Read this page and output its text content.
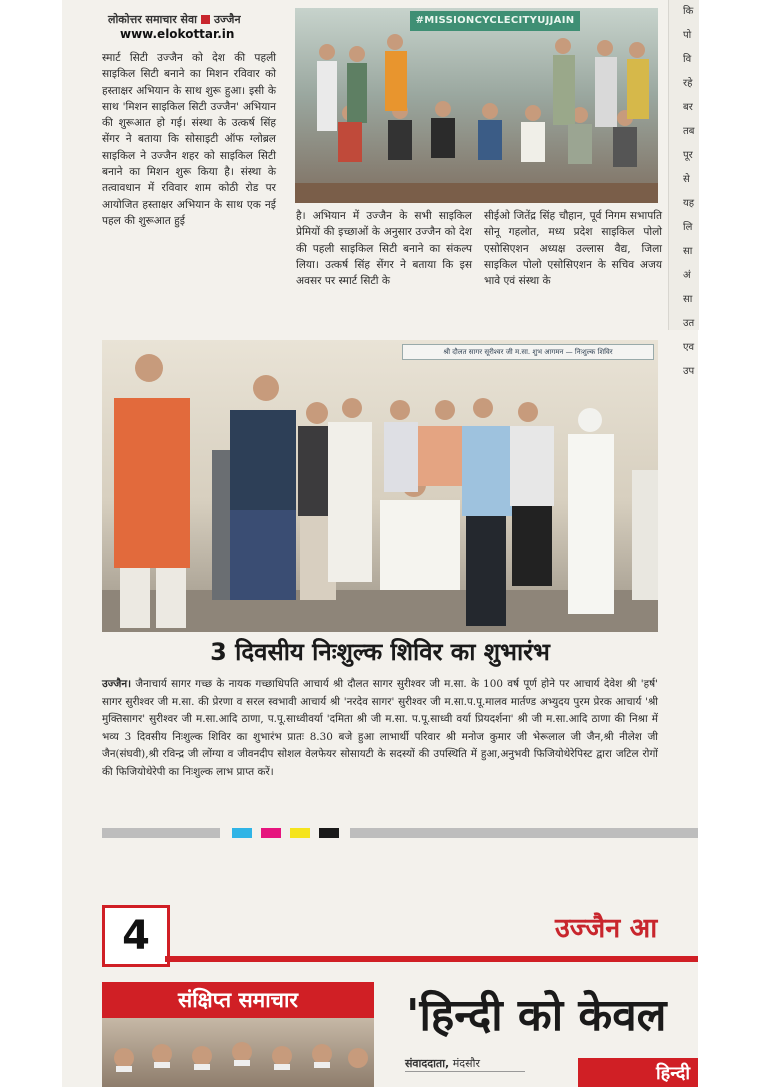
कि
पो
वि
रहे
बर
तब
पूर
से
यह
लि
सा
अं
सा
उत
एव
उप
लोकोत्तर समाचार सेवा उज्जैन
www.elokottar.in
स्मार्ट सिटी उज्जैन को देश की पहली साइकिल सिटी बनाने का मिशन रविवार को हस्ताक्षर अभियान के साथ शुरू हुआ। इसी के साथ 'मिशन साइकिल सिटी उज्जैन' अभियान की शुरूआत हो गई। संस्था के उत्कर्ष सिंह सेंगर ने बताया कि सोसाइटी ऑफ ग्लोब्रल साइकिल ने उज्जैन शहर को साइकिल सिटी बनाने का मिशन शुरू किया है। संस्था के तत्वावधान में रविवार शाम कोठी रोड पर आयोजित हस्ताक्षर अभियान के साथ एक नई पहल की शुरूआत हुई
#MISSIONCYCLECITYUJJAIN
है। अभियान में उज्जैन के सभी साइकिल प्रेमियों की इच्छाओं के अनुसार उज्जैन को देश की पहली साइकिल सिटी बनाने का संकल्प लिया। उत्कर्ष सिंह सेंगर ने बताया कि इस अवसर पर स्मार्ट सिटी के
सीईओ जितेंद्र सिंह चौहान, पूर्व निगम सभापति सोनू गहलोत, मध्य प्रदेश साइकिल पोलो एसोसिएशन अध्यक्ष उल्लास वैद्य, जिला साइकिल पोलो एसोसिएशन के सचिव अजय भावे एवं संस्था के
श्री दौलत सागर सूरीश्वर जी म.सा. शुभ आगमन — निःशुल्क शिविर
3 दिवसीय निःशुल्क शिविर का शुभारंभ
उज्जैन। जैनाचार्य सागर गच्छ के नायक गच्छाधिपति आचार्य श्री दौलत सागर सुरीश्वर जी म.सा. के 100 वर्ष पूर्ण होने पर आचार्य देवेश श्री 'हर्ष' सागर सुरीश्वर जी म.सा. की प्रेरणा व सरल स्वभावी आचार्य श्री 'नरदेव सागर' सुरीश्वर जी म.सा.प.पू.मालव मार्तण्ड अभ्युदय पुरम प्रेरक आचार्य 'श्री मुक्तिसागर' सुरीश्वर जी म.सा.आदि ठाणा, प.पू.साध्वीवर्या 'दमिता श्री जी म.सा. प.पू.साध्वी वर्या प्रियदर्शना' श्री जी म.सा.आदि ठाणा की निश्रा में भव्य 3 दिवसीय निःशुल्क शिविर का शुभारंभ प्रातः 8.30 बजे हुआ लाभार्थी परिवार श्री मनोज कुमार जी भेरूलाल जी जैन,श्री नीलेश जी जैन(संघवी),श्री रविन्द्र जी लोंग्या व जीवनदीप सोशल वेलफेयर सोसायटी के सदस्यों की उपस्थिति में हुआ,अनुभवी फिजियोथेरेपिस्ट द्वारा जटिल रोगों की फिजियोथेरेपी का निःशुल्क लाभ प्राप्त करें।
4	उज्जैन आ
संक्षिप्त समाचार	'हिन्दी को केवल
संवाददाता, मंदसौर	हिन्दी
